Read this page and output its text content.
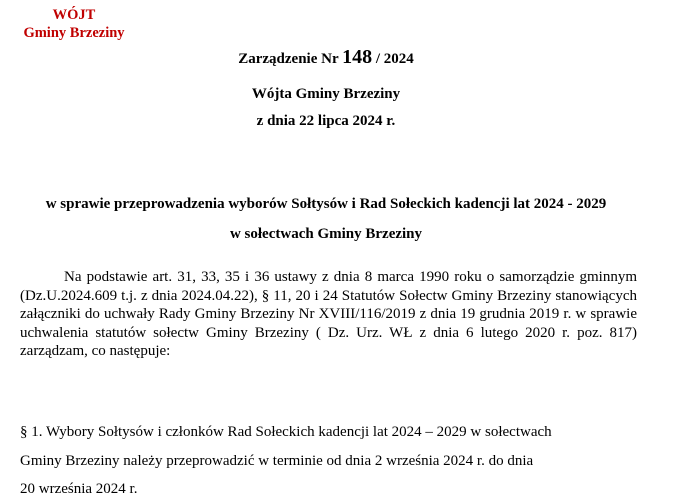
WÓJT
Gminy Brzeziny
Zarządzenie Nr 148 / 2024
Wójta Gminy Brzeziny
z dnia 22 lipca 2024 r.
w sprawie przeprowadzenia wyborów Sołtysów i Rad Sołeckich kadencji lat 2024 - 2029
w sołectwach Gminy Brzeziny
Na podstawie art. 31, 33, 35 i 36 ustawy z dnia 8 marca 1990 roku o samorządzie gminnym (Dz.U.2024.609 t.j. z dnia 2024.04.22), § 11, 20 i 24 Statutów Sołectw Gminy Brzeziny stanowiących załączniki do uchwały Rady Gminy Brzeziny Nr XVIII/116/2019 z dnia 19 grudnia 2019 r. w sprawie uchwalenia statutów sołectw Gminy Brzeziny ( Dz. Urz. WŁ z dnia 6 lutego 2020 r. poz. 817) zarządzam, co następuje:
§ 1. Wybory Sołtysów i członków Rad Sołeckich kadencji lat 2024 – 2029 w sołectwach
Gminy Brzeziny należy przeprowadzić w terminie od dnia 2 września 2024 r. do dnia
20 września 2024 r.
